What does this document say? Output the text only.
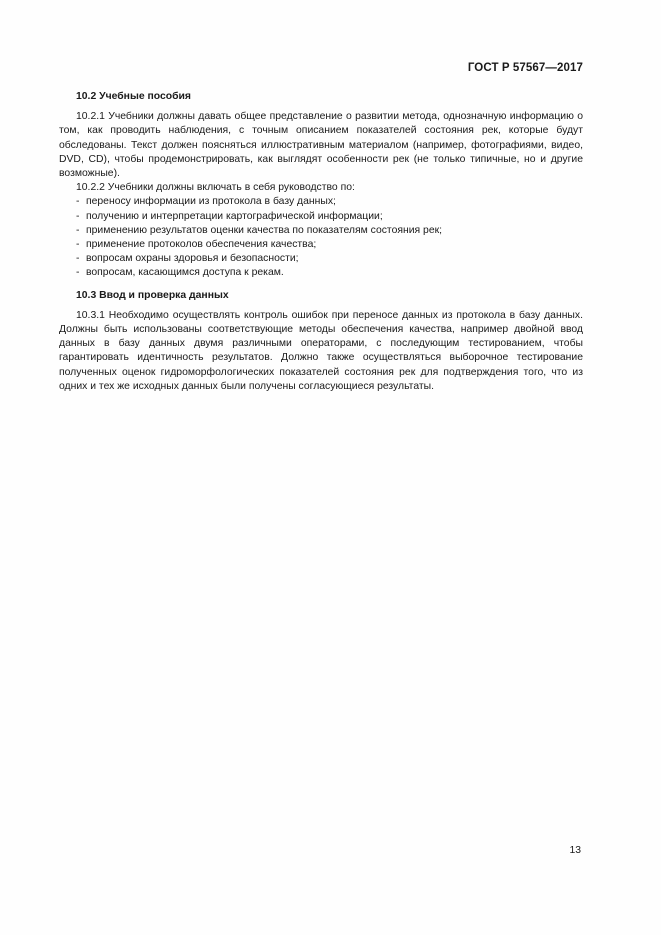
ГОСТ Р 57567—2017

10.2 Учебные пособия

10.2.1 Учебники должны давать общее представление о развитии метода, однозначную информацию о том, как проводить наблюдения, с точным описанием показателей состояния рек, которые будут обследованы. Текст должен поясняться иллюстративным материалом (например, фотографиями, видео, DVD, CD), чтобы продемонстрировать, как выглядят особенности рек (не только типичные, но и другие возможные).

10.2.2 Учебники должны включать в себя руководство по:

- переносу информации из протокола в базу данных;
- получению и интерпретации картографической информации;
- применению результатов оценки качества по показателям состояния рек;
- применение протоколов обеспечения качества;
- вопросам охраны здоровья и безопасности;
- вопросам, касающимся доступа к рекам.

10.3 Ввод и проверка данных

10.3.1 Необходимо осуществлять контроль ошибок при переносе данных из протокола в базу данных. Должны быть использованы соответствующие методы обеспечения качества, например двойной ввод данных в базу данных двумя различными операторами, с последующим тестированием, чтобы гарантировать идентичность результатов. Должно также осуществляться выборочное тестирование полученных оценок гидроморфологических показателей состояния рек для подтверждения того, что из одних и тех же исходных данных были получены согласующиеся результаты.

13
